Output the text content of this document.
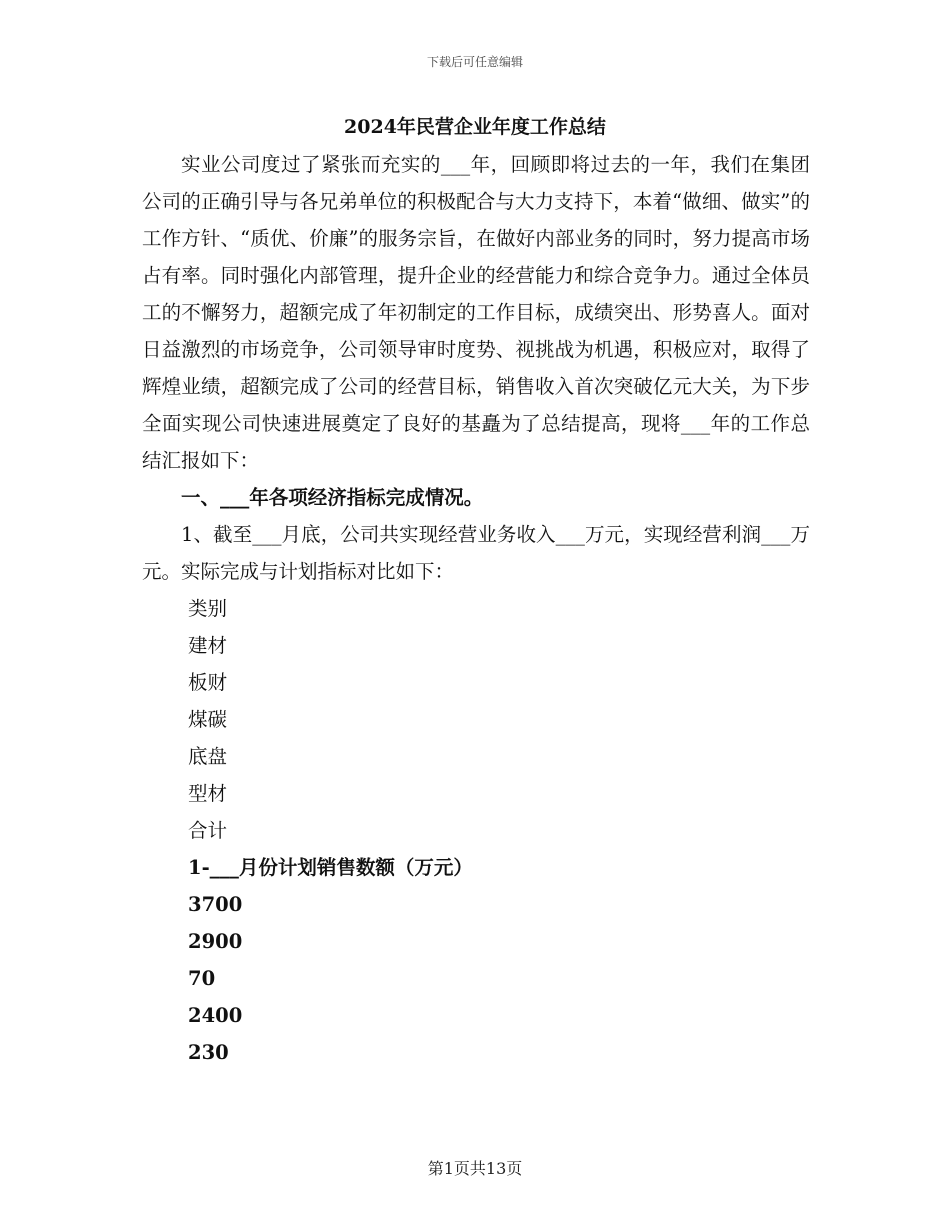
下载后可任意编辑
2024年民营企业年度工作总结

实业公司度过了紧张而充实的___年，回顾即将过去的一年，我们在集团公司的正确引导与各兄弟单位的积极配合与大力支持下，本着“做细、做实”的工作方针、“质优、价廉”的服务宗旨，在做好内部业务的同时，努力提高市场占有率。同时强化内部管理，提升企业的经营能力和综合竞争力。通过全体员工的不懈努力，超额完成了年初制定的工作目标，成绩突出、形势喜人。面对日益激烈的市场竞争，公司领导审时度势、视挑战为机遇，积极应对，取得了辉煌业绩，超额完成了公司的经营目标，销售收入首次突破亿元大关，为下步全面实现公司快速进展奠定了良好的基矗为了总结提高，现将___年的工作总结汇报如下：

一、___年各项经济指标完成情况。

1、截至___月底，公司共实现经营业务收入___万元，实现经营利润___万元。实际完成与计划指标对比如下：

类别
建材
板财
煤碳
底盘
型材
合计
1-___月份计划销售数额（万元）
3700
2900
70
2400
230
第1页共13页
